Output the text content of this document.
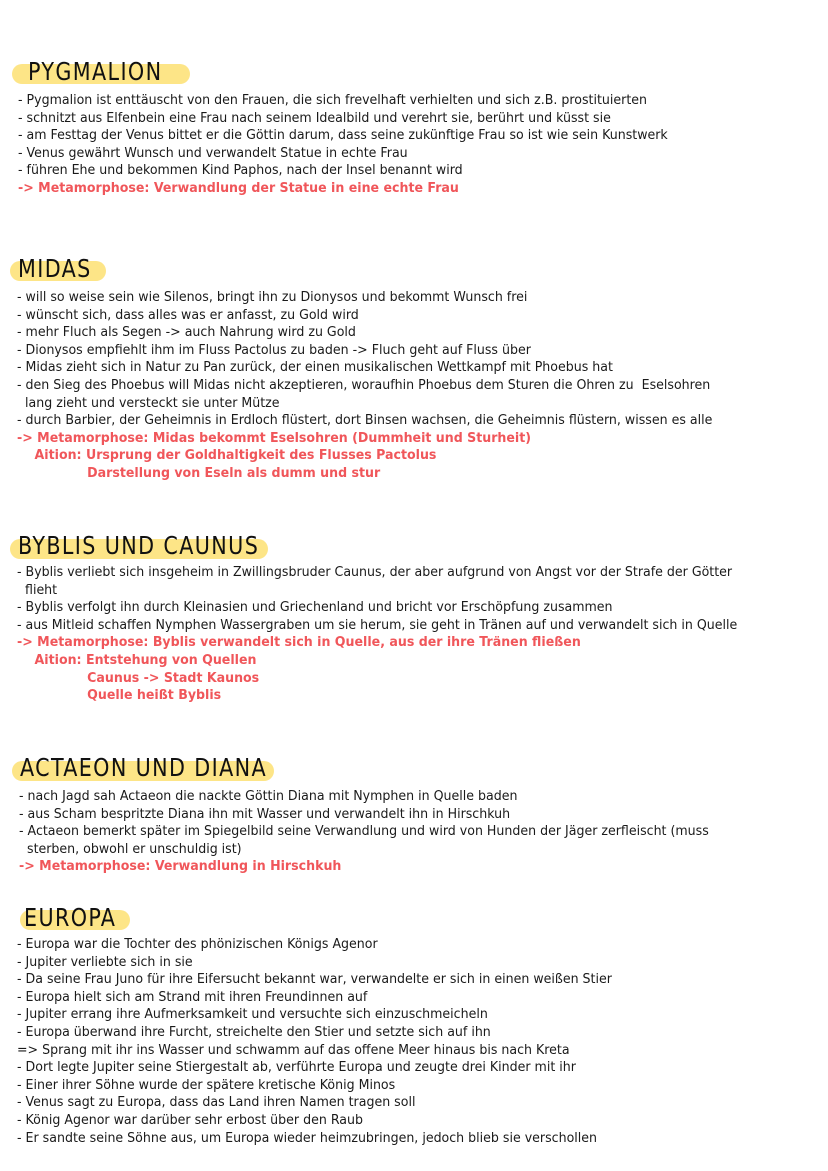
PYGMALION
- Pygmalion ist enttäuscht von den Frauen, die sich frevelhaft verhielten und sich z.B. prostituierten
- schnitzt aus Elfenbein eine Frau nach seinem Idealbild und verehrt sie, berührt und küsst sie
- am Festtag der Venus bittet er die Göttin darum, dass seine zukünftige Frau so ist wie sein Kunstwerk
- Venus gewährt Wunsch und verwandelt Statue in echte Frau
- führen Ehe und bekommen Kind Paphos, nach der Insel benannt wird
-> Metamorphose: Verwandlung der Statue in eine echte Frau
MIDAS
- will so weise sein wie Silenos, bringt ihn zu Dionysos und bekommt Wunsch frei
- wünscht sich, dass alles was er anfasst, zu Gold wird
- mehr Fluch als Segen -> auch Nahrung wird zu Gold
- Dionysos empfiehlt ihm im Fluss Pactolus zu baden -> Fluch geht auf Fluss über
- Midas zieht sich in Natur zu Pan zurück, der einen musikalischen Wettkampf mit Phoebus hat
- den Sieg des Phoebus will Midas nicht akzeptieren, woraufhin Phoebus dem Sturen die Ohren zu  Eselsohren
lang zieht und versteckt sie unter Mütze
- durch Barbier, der Geheimnis in Erdloch flüstert, dort Binsen wachsen, die Geheimnis flüstern, wissen es alle
-> Metamorphose: Midas bekommt Eselsohren (Dummheit und Sturheit)
Aition: Ursprung der Goldhaltigkeit des Flusses Pactolus
Darstellung von Eseln als dumm und stur
BYBLIS UND CAUNUS
- Byblis verliebt sich insgeheim in Zwillingsbruder Caunus, der aber aufgrund von Angst vor der Strafe der Götter
flieht
- Byblis verfolgt ihn durch Kleinasien und Griechenland und bricht vor Erschöpfung zusammen
- aus Mitleid schaffen Nymphen Wassergraben um sie herum, sie geht in Tränen auf und verwandelt sich in Quelle
-> Metamorphose: Byblis verwandelt sich in Quelle, aus der ihre Tränen fließen
Aition: Entstehung von Quellen
Caunus -> Stadt Kaunos
Quelle heißt Byblis
ACTAEON UND DIANA
- nach Jagd sah Actaeon die nackte Göttin Diana mit Nymphen in Quelle baden
- aus Scham bespritzte Diana ihn mit Wasser und verwandelt ihn in Hirschkuh
- Actaeon bemerkt später im Spiegelbild seine Verwandlung und wird von Hunden der Jäger zerfleischt (muss
sterben, obwohl er unschuldig ist)
-> Metamorphose: Verwandlung in Hirschkuh
EUROPA
- Europa war die Tochter des phönizischen Königs Agenor
- Jupiter verliebte sich in sie
- Da seine Frau Juno für ihre Eifersucht bekannt war, verwandelte er sich in einen weißen Stier
- Europa hielt sich am Strand mit ihren Freundinnen auf
- Jupiter errang ihre Aufmerksamkeit und versuchte sich einzuschmeicheln
- Europa überwand ihre Furcht, streichelte den Stier und setzte sich auf ihn
=> Sprang mit ihr ins Wasser und schwamm auf das offene Meer hinaus bis nach Kreta
- Dort legte Jupiter seine Stiergestalt ab, verführte Europa und zeugte drei Kinder mit ihr
- Einer ihrer Söhne wurde der spätere kretische König Minos
- Venus sagt zu Europa, dass das Land ihren Namen tragen soll
- König Agenor war darüber sehr erbost über den Raub
- Er sandte seine Söhne aus, um Europa wieder heimzubringen, jedoch blieb sie verschollen
